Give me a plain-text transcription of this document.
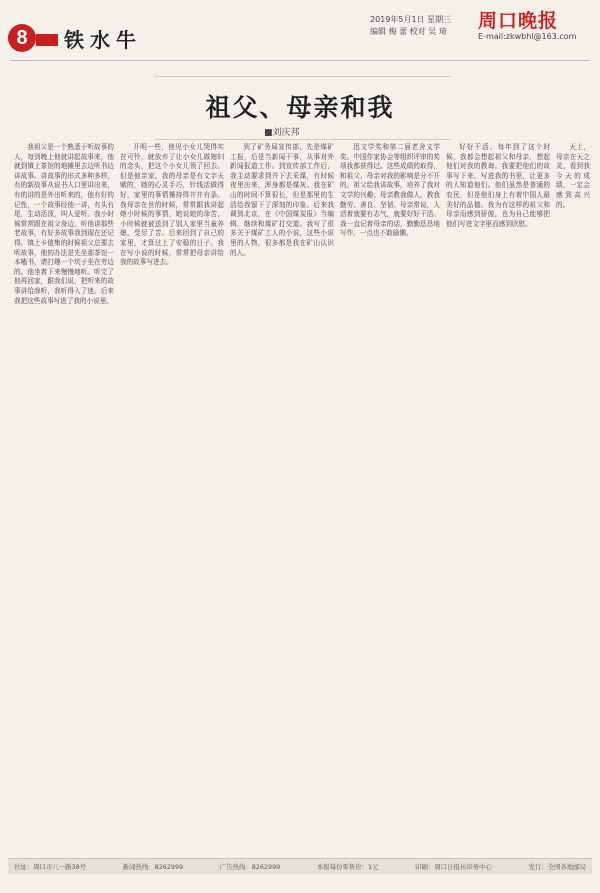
8	铁水牛
2019年5月1日 星期三
编辑 梅 蕾 校对 吴 琦 周口晚报
E-mail:zkwbhl@163.com
祖父、母亲和我
■刘庆邦

我祖父是一个熟悉于听故事的人，每到晚上他就讲起故事来，他就到镇上茶馆的地摊里去边听书边讲故事。讲故事的形式多种多样，有的新故事从说书人口里讲出来，有的讲的是外出听来的，他有好的记性，一个故事经他一讲，有头有尾，生动活泼，叫人爱听。我小时候常常跟在祖父身边，听他讲那些老故事，有好多故事我到现在还记得。镇上卡值集的时候祖父总要去听故事，他的办法是先坐那茶馆一本嗑书，请打趣一个坑子坐在旁边的。他坐着下来慢慢地听。听完了他再回家，跟我们说，把听来的故事讲给我听，我听得入了迷。后来我把这些故事写进了我的小说里。

开明一些，他见小女儿哭得实在可怜，就放弃了让小女儿做媳妇的念头，把这个小女儿领了回去。但是他亲家，我的母亲是有文字天赋的，她的心灵手巧，针线活做得好，家里的事情操持得井井有条。我母亲在世的时候，常常跟我讲起她小时候的事情，她说她的命苦，小时候就被送到了别人家里当童养媳，受尽了苦。后来回到了自己的家里，才算过上了安稳的日子。我在写小说的时候，常常把母亲讲给我的故事写进去。

到了矿务局宣传部，先是煤矿工报，后是当新闻干事，从事对外新闻报道工作。到宣传部工作后，我主动要求到井下去采煤，有时候夜里出来，浑身都是煤灰。我在矿山的时间不算很长，但是那里的生活给我留下了深刻的印象。后来我调到北京，在《中国煤炭报》当编辑，继续和煤矿打交道。我写了很多关于煤矿工人的小说，这些小说里的人物，很多都是我在矿山认识的人。

迅文学奖和第二届老舍文学奖。中国作家协会等组织评审的奖项我都获得过。这些成绩的取得，和祖父、母亲对我的影响是分不开的。祖父给我讲故事，培养了我对文学的兴趣；母亲教我做人，教我勤劳、善良、坚韧。母亲常说，人活着就要有志气，就要好好干活。我一直记着母亲的话，勤勤恳恳地写作，一点也不敢偷懒。

好好干活。每年到了这个时候，我都会想起祖父和母亲，想起他们对我的教诲。我要把他们的故事写下来，写进我的书里，让更多的人知道他们。他们虽然是普通的农民，但是他们身上有着中国人最美好的品德。我为有这样的祖父和母亲而感到骄傲，也为自己能够把他们写进文字里而感到欣慰。

天上，母亲在天之灵，看到我今天的成绩，一定会感到高兴的。

社址：周口市八一路38号	新闻热线：8262999	广告热线：8262999	本报每份零售价：1元	印刷：周口日报社印务中心	发行：全国各地邮局
